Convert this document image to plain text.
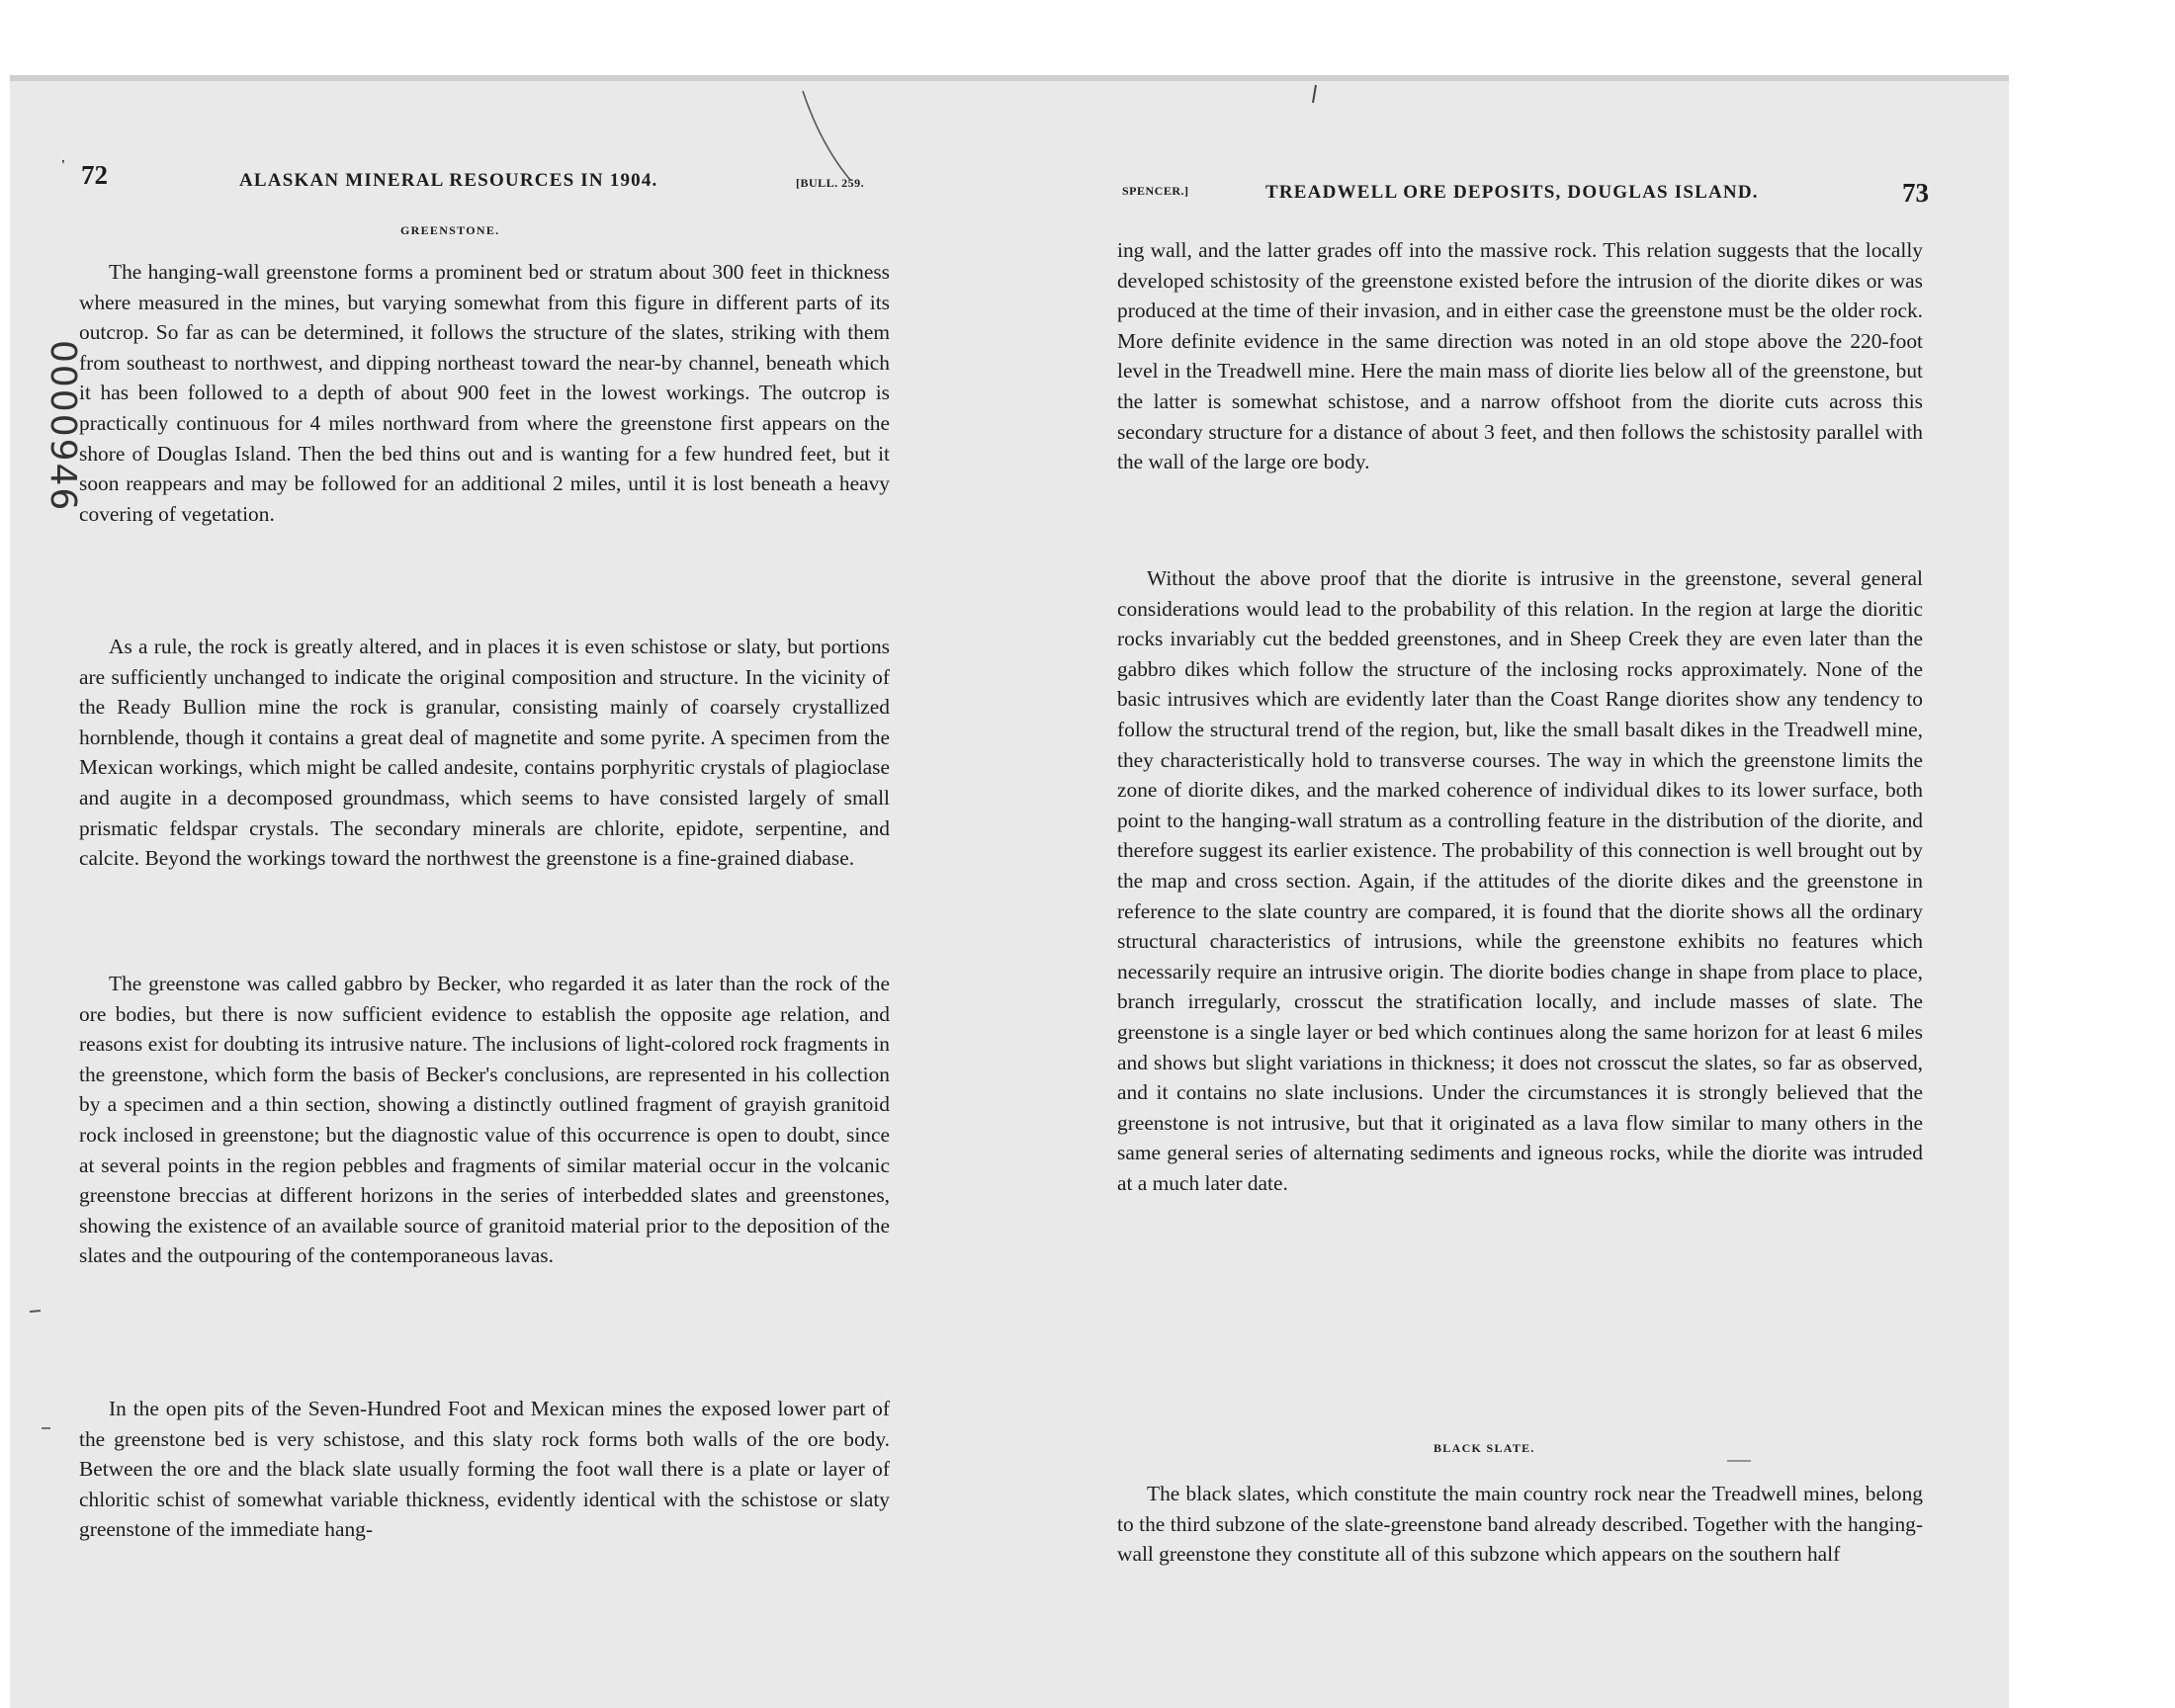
' 72	ALASKAN MINERAL RESOURCES IN 1904.	[BULL. 259.
GREENSTONE.
0000946

The hanging-wall greenstone forms a prominent bed or stratum about 300 feet in thickness where measured in the mines, but varying somewhat from this figure in different parts of its outcrop. So far as can be determined, it follows the structure of the slates, striking with them from southeast to northwest, and dipping northeast toward the near-by channel, beneath which it has been followed to a depth of about 900 feet in the lowest workings. The outcrop is practically continuous for 4 miles northward from where the greenstone first appears on the shore of Douglas Island. Then the bed thins out and is wanting for a few hundred feet, but it soon reappears and may be followed for an additional 2 miles, until it is lost beneath a heavy covering of vegetation.

As a rule, the rock is greatly altered, and in places it is even schistose or slaty, but portions are sufficiently unchanged to indicate the original composition and structure. In the vicinity of the Ready Bullion mine the rock is granular, consisting mainly of coarsely crystallized hornblende, though it contains a great deal of magnetite and some pyrite. A specimen from the Mexican workings, which might be called andesite, contains porphyritic crystals of plagioclase and augite in a decomposed groundmass, which seems to have consisted largely of small prismatic feldspar crystals. The secondary minerals are chlorite, epidote, serpentine, and calcite. Beyond the workings toward the northwest the greenstone is a fine-grained diabase.

The greenstone was called gabbro by Becker, who regarded it as later than the rock of the ore bodies, but there is now sufficient evidence to establish the opposite age relation, and reasons exist for doubting its intrusive nature. The inclusions of light-colored rock fragments in the greenstone, which form the basis of Becker's conclusions, are represented in his collection by a specimen and a thin section, showing a distinctly outlined fragment of grayish granitoid rock inclosed in greenstone; but the diagnostic value of this occurrence is open to doubt, since at several points in the region pebbles and fragments of similar material occur in the volcanic greenstone breccias at different horizons in the series of interbedded slates and greenstones, showing the existence of an available source of granitoid material prior to the deposition of the slates and the outpouring of the contemporaneous lavas.

In the open pits of the Seven-Hundred Foot and Mexican mines the exposed lower part of the greenstone bed is very schistose, and this slaty rock forms both walls of the ore body. Between the ore and the black slate usually forming the foot wall there is a plate or layer of chloritic schist of somewhat variable thickness, evidently identical with the schistose or slaty greenstone of the immediate hang-

SPENCER.]	TREADWELL ORE DEPOSITS, DOUGLAS ISLAND.	73

ing wall, and the latter grades off into the massive rock. This relation suggests that the locally developed schistosity of the greenstone existed before the intrusion of the diorite dikes or was produced at the time of their invasion, and in either case the greenstone must be the older rock. More definite evidence in the same direction was noted in an old stope above the 220-foot level in the Treadwell mine. Here the main mass of diorite lies below all of the greenstone, but the latter is somewhat schistose, and a narrow offshoot from the diorite cuts across this secondary structure for a distance of about 3 feet, and then follows the schistosity parallel with the wall of the large ore body.

Without the above proof that the diorite is intrusive in the greenstone, several general considerations would lead to the probability of this relation. In the region at large the dioritic rocks invariably cut the bedded greenstones, and in Sheep Creek they are even later than the gabbro dikes which follow the structure of the inclosing rocks approximately. None of the basic intrusives which are evidently later than the Coast Range diorites show any tendency to follow the structural trend of the region, but, like the small basalt dikes in the Treadwell mine, they characteristically hold to transverse courses. The way in which the greenstone limits the zone of diorite dikes, and the marked coherence of individual dikes to its lower surface, both point to the hanging-wall stratum as a controlling feature in the distribution of the diorite, and therefore suggest its earlier existence. The probability of this connection is well brought out by the map and cross section. Again, if the attitudes of the diorite dikes and the greenstone in reference to the slate country are compared, it is found that the diorite shows all the ordinary structural characteristics of intrusions, while the greenstone exhibits no features which necessarily require an intrusive origin. The diorite bodies change in shape from place to place, branch irregularly, crosscut the stratification locally, and include masses of slate. The greenstone is a single layer or bed which continues along the same horizon for at least 6 miles and shows but slight variations in thickness; it does not crosscut the slates, so far as observed, and it contains no slate inclusions. Under the circumstances it is strongly believed that the greenstone is not intrusive, but that it originated as a lava flow similar to many others in the same general series of alternating sediments and igneous rocks, while the diorite was intruded at a much later date.

BLACK SLATE.

The black slates, which constitute the main country rock near the Treadwell mines, belong to the third subzone of the slate-greenstone band already described. Together with the hanging-wall greenstone they constitute all of this subzone which appears on the southern half
